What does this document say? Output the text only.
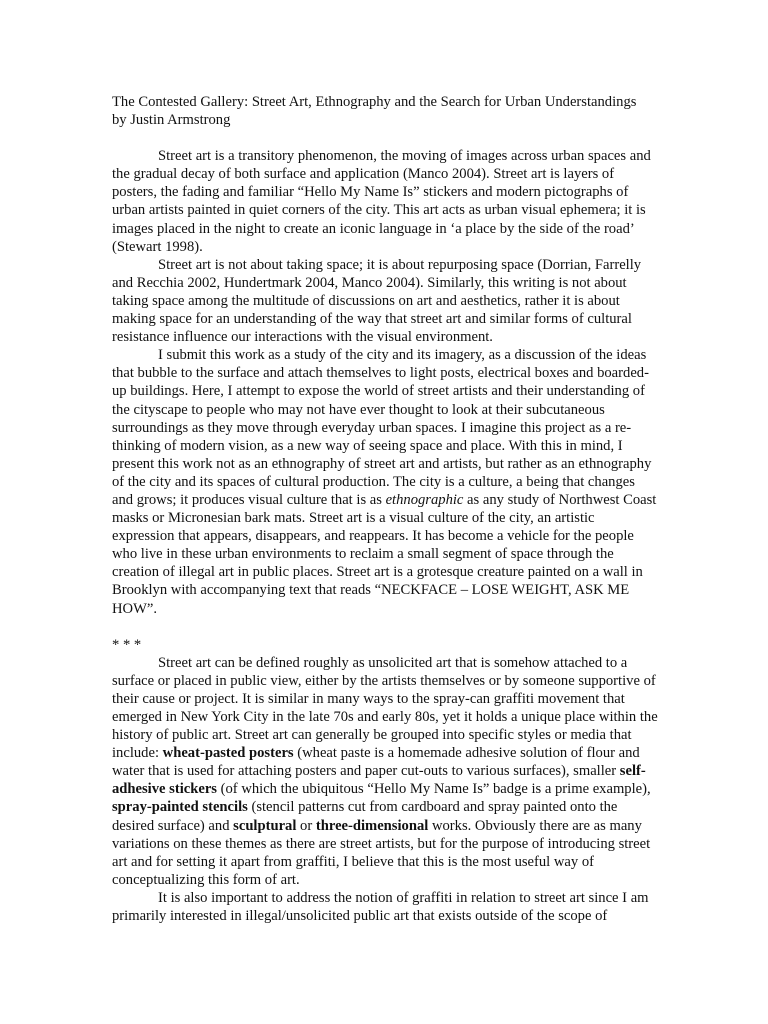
The Contested Gallery: Street Art, Ethnography and the Search for Urban Understandings
by Justin Armstrong

Street art is a transitory phenomenon, the moving of images across urban spaces and the gradual decay of both surface and application (Manco 2004). Street art is layers of posters, the fading and familiar “Hello My Name Is” stickers and modern pictographs of urban artists painted in quiet corners of the city. This art acts as urban visual ephemera; it is images placed in the night to create an iconic language in ‘a place by the side of the road’ (Stewart 1998).

Street art is not about taking space; it is about repurposing space (Dorrian, Farrelly and Recchia 2002, Hundertmark 2004, Manco 2004). Similarly, this writing is not about taking space among the multitude of discussions on art and aesthetics, rather it is about making space for an understanding of the way that street art and similar forms of cultural resistance influence our interactions with the visual environment.

I submit this work as a study of the city and its imagery, as a discussion of the ideas that bubble to the surface and attach themselves to light posts, electrical boxes and boarded-up buildings. Here, I attempt to expose the world of street artists and their understanding of the cityscape to people who may not have ever thought to look at their subcutaneous surroundings as they move through everyday urban spaces. I imagine this project as a re-thinking of modern vision, as a new way of seeing space and place. With this in mind, I present this work not as an ethnography of street art and artists, but rather as an ethnography of the city and its spaces of cultural production. The city is a culture, a being that changes and grows; it produces visual culture that is as ethnographic as any study of Northwest Coast masks or Micronesian bark mats. Street art is a visual culture of the city, an artistic expression that appears, disappears, and reappears. It has become a vehicle for the people who live in these urban environments to reclaim a small segment of space through the creation of illegal art in public places. Street art is a grotesque creature painted on a wall in Brooklyn with accompanying text that reads “NECKFACE – LOSE WEIGHT, ASK ME HOW”.

* * *

Street art can be defined roughly as unsolicited art that is somehow attached to a surface or placed in public view, either by the artists themselves or by someone supportive of their cause or project. It is similar in many ways to the spray-can graffiti movement that emerged in New York City in the late 70s and early 80s, yet it holds a unique place within the history of public art. Street art can generally be grouped into specific styles or media that include: wheat-pasted posters (wheat paste is a homemade adhesive solution of flour and water that is used for attaching posters and paper cut-outs to various surfaces), smaller self-adhesive stickers (of which the ubiquitous “Hello My Name Is” badge is a prime example), spray-painted stencils (stencil patterns cut from cardboard and spray painted onto the desired surface) and sculptural or three-dimensional works. Obviously there are as many variations on these themes as there are street artists, but for the purpose of introducing street art and for setting it apart from graffiti, I believe that this is the most useful way of conceptualizing this form of art.

It is also important to address the notion of graffiti in relation to street art since I am primarily interested in illegal/unsolicited public art that exists outside of the scope of
